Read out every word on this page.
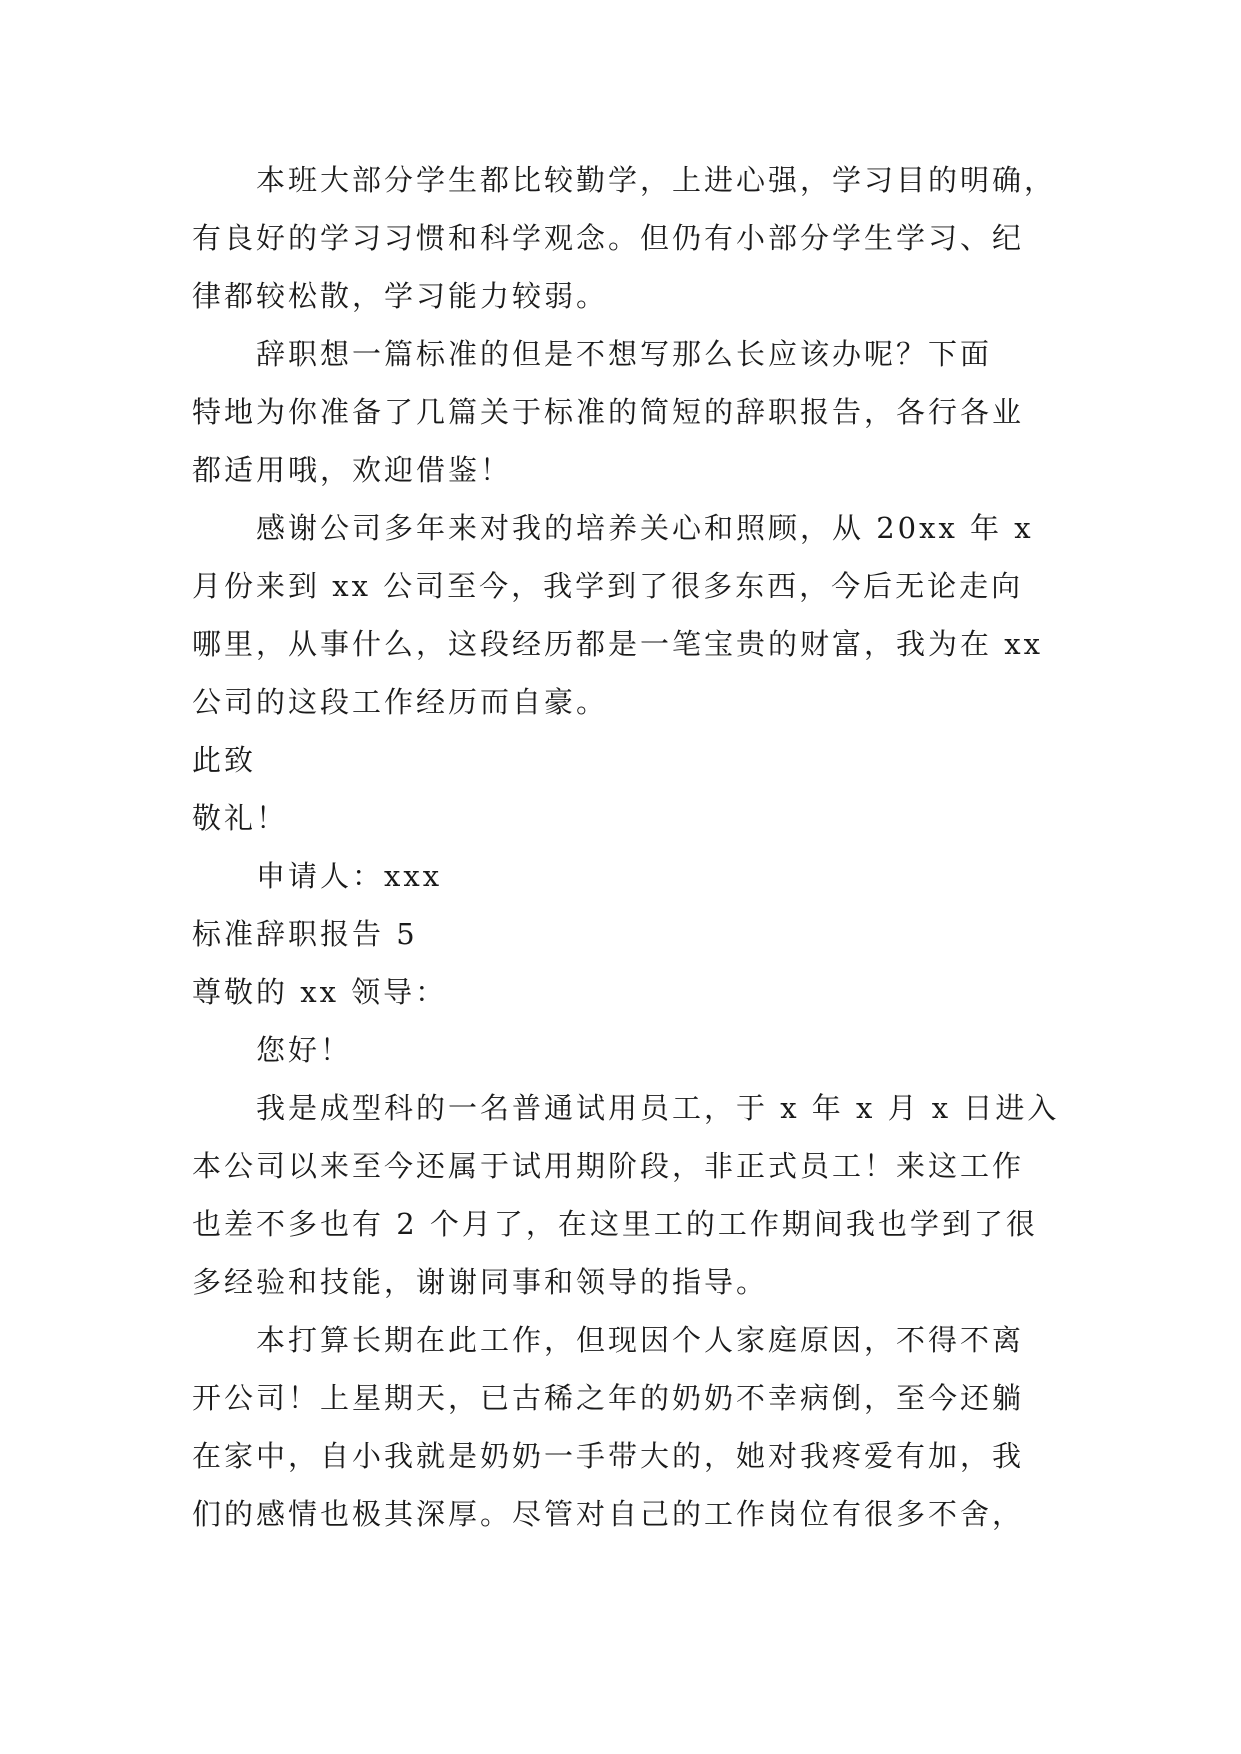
本班大部分学生都比较勤学，上进心强，学习目的明确，
有良好的学习习惯和科学观念。但仍有小部分学生学习、纪
律都较松散，学习能力较弱。
辞职想一篇标准的但是不想写那么长应该办呢？下面
特地为你准备了几篇关于标准的简短的辞职报告，各行各业
都适用哦，欢迎借鉴！
感谢公司多年来对我的培养关心和照顾，从 20xx 年 x
月份来到 xx 公司至今，我学到了很多东西，今后无论走向
哪里，从事什么，这段经历都是一笔宝贵的财富，我为在 xx
公司的这段工作经历而自豪。
此致
敬礼！
申请人：xxx
标准辞职报告 5
尊敬的 xx 领导：
您好！
我是成型科的一名普通试用员工，于 x 年 x 月 x 日进入
本公司以来至今还属于试用期阶段，非正式员工！来这工作
也差不多也有 2 个月了，在这里工的工作期间我也学到了很
多经验和技能，谢谢同事和领导的指导。
本打算长期在此工作，但现因个人家庭原因，不得不离
开公司！上星期天，已古稀之年的奶奶不幸病倒，至今还躺
在家中，自小我就是奶奶一手带大的，她对我疼爱有加，我
们的感情也极其深厚。尽管对自己的工作岗位有很多不舍，
